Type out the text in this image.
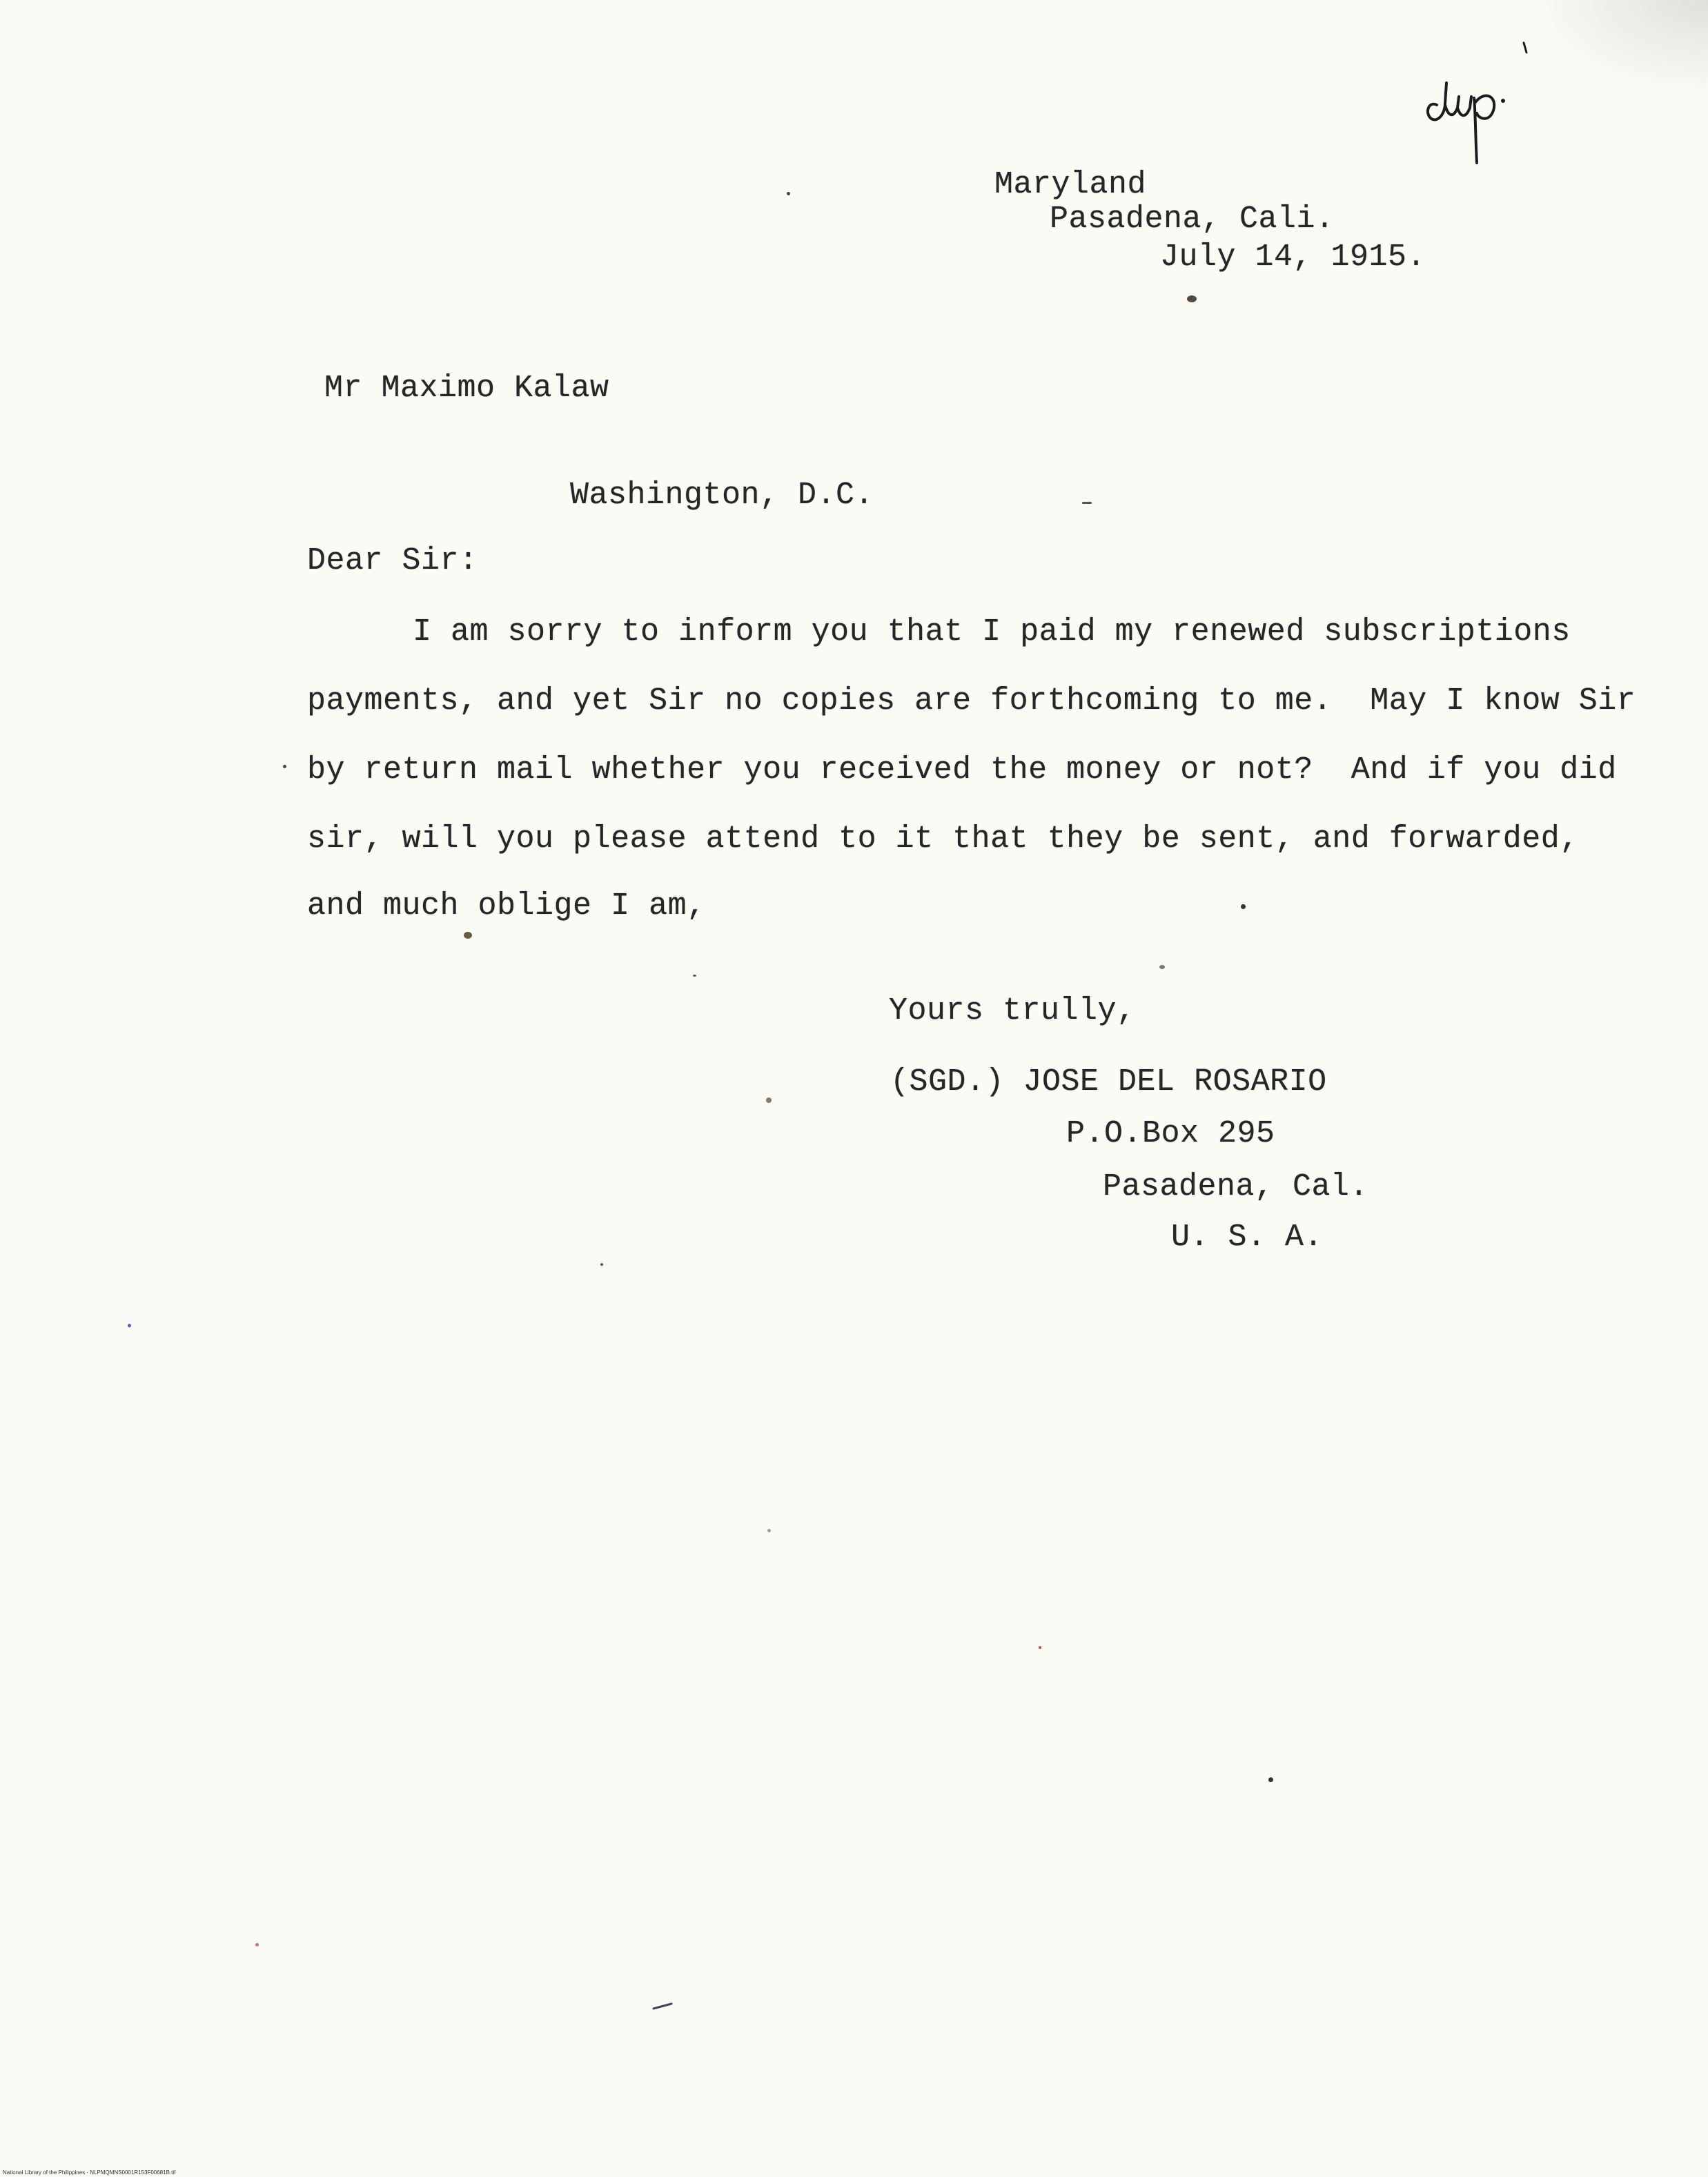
Maryland
Pasadena, Cali.
July 14, 1915.
Mr Maximo Kalaw
Washington, D.C.
Dear Sir:
I am sorry to inform you that I paid my renewed subscriptions
payments, and yet Sir no copies are forthcoming to me.  May I know Sir
by return mail whether you received the money or not?  And if you did
sir, will you please attend to it that they be sent, and forwarded,
and much oblige I am,
Yours trully,
(SGD.) JOSE DEL ROSARIO
P.O.Box 295
Pasadena, Cal.
U. S. A.
National Library of the Philippines · NLPMQMNS0001R153F00681B.tif
